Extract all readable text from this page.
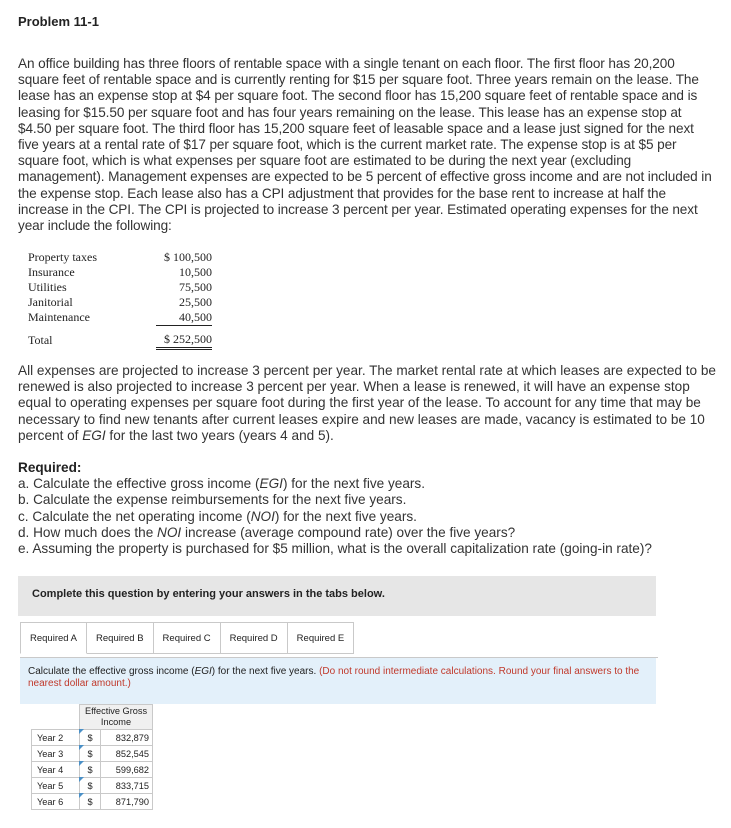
Problem 11-1
An office building has three floors of rentable space with a single tenant on each floor. The first floor has 20,200 square feet of rentable space and is currently renting for $15 per square foot. Three years remain on the lease. The lease has an expense stop at $4 per square foot. The second floor has 15,200 square feet of rentable space and is leasing for $15.50 per square foot and has four years remaining on the lease. This lease has an expense stop at $4.50 per square foot. The third floor has 15,200 square feet of leasable space and a lease just signed for the next five years at a rental rate of $17 per square foot, which is the current market rate. The expense stop is at $5 per square foot, which is what expenses per square foot are estimated to be during the next year (excluding management). Management expenses are expected to be 5 percent of effective gross income and are not included in the expense stop. Each lease also has a CPI adjustment that provides for the base rent to increase at half the increase in the CPI. The CPI is projected to increase 3 percent per year. Estimated operating expenses for the next year include the following:
Property taxes	$ 100,500
Insurance	10,500
Utilities	75,500
Janitorial	25,500
Maintenance	40,500
Total	$ 252,500
All expenses are projected to increase 3 percent per year. The market rental rate at which leases are expected to be renewed is also projected to increase 3 percent per year. When a lease is renewed, it will have an expense stop equal to operating expenses per square foot during the first year of the lease. To account for any time that may be necessary to find new tenants after current leases expire and new leases are made, vacancy is estimated to be 10 percent of EGI for the last two years (years 4 and 5).
Required:
a. Calculate the effective gross income (EGI) for the next five years.
b. Calculate the expense reimbursements for the next five years.
c. Calculate the net operating income (NOI) for the next five years.
d. How much does the NOI increase (average compound rate) over the five years?
e. Assuming the property is purchased for $5 million, what is the overall capitalization rate (going-in rate)?
Complete this question by entering your answers in the tabs below.
Required A	Required B	Required C	Required D	Required E
Calculate the effective gross income (EGI) for the next five years. (Do not round intermediate calculations. Round your final answers to the nearest dollar amount.)
	Effective Gross
Income	
Year 2	$	832,879
Year 3	$	852,545
Year 4	$	599,682
Year 5	$	833,715
Year 6	$	871,790
